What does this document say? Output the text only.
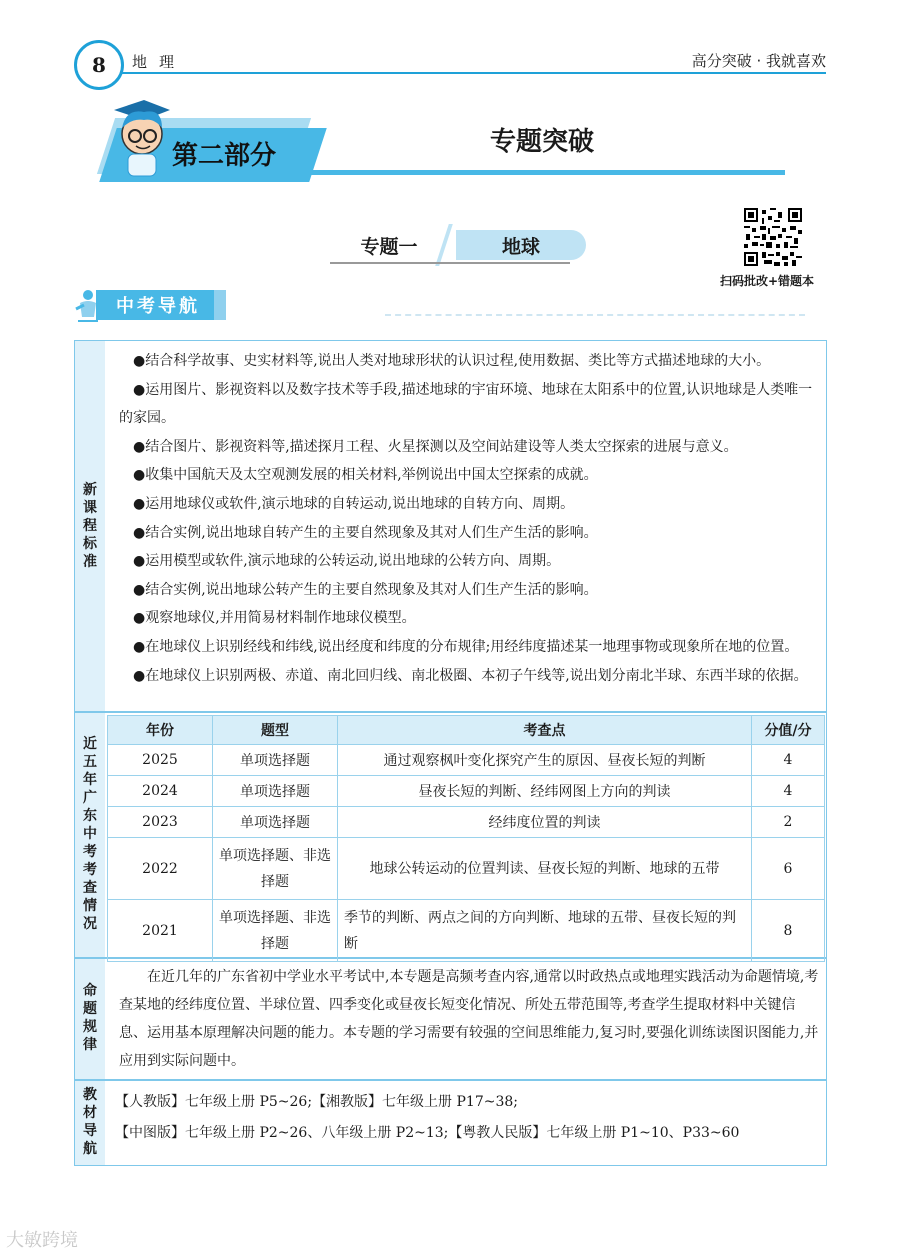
8	地理	高分突破 · 我就喜欢
第二部分	专题突破
专题一	地球
扫码批改+错题本
中考导航
新
课
程
标
准
近
五
年
广
东
中
考
考
查
情
况
命
题
规
律
教
材
导
航

●结合科学故事、史实材料等,说出人类对地球形状的认识过程,使用数据、类比等方式描述地球的大小。

●运用图片、影视资料以及数字技术等手段,描述地球的宇宙环境、地球在太阳系中的位置,认识地球是人类唯一的家园。

●结合图片、影视资料等,描述探月工程、火星探测以及空间站建设等人类太空探索的进展与意义。

●收集中国航天及太空观测发展的相关材料,举例说出中国太空探索的成就。

●运用地球仪或软件,演示地球的自转运动,说出地球的自转方向、周期。

●结合实例,说出地球自转产生的主要自然现象及其对人们生产生活的影响。

●运用模型或软件,演示地球的公转运动,说出地球的公转方向、周期。

●结合实例,说出地球公转产生的主要自然现象及其对人们生产生活的影响。

●观察地球仪,并用简易材料制作地球仪模型。

●在地球仪上识别经线和纬线,说出经度和纬度的分布规律;用经纬度描述某一地理事物或现象所在地的位置。

●在地球仪上识别两极、赤道、南北回归线、南北极圈、本初子午线等,说出划分南北半球、东西半球的依据。

年份	题型	考查点	分值/分
2025	单项选择题	通过观察枫叶变化探究产生的原因、昼夜长短的判断	4
2024	单项选择题	昼夜长短的判断、经纬网图上方向的判读	4
2023	单项选择题	经纬度位置的判读	2
2022	单项选择题、非选择题	地球公转运动的位置判读、昼夜长短的判断、地球的五带	6
2021	单项选择题、非选择题	季节的判断、两点之间的方向判断、地球的五带、昼夜长短的判断	8
在近几年的广东省初中学业水平考试中,本专题是高频考查内容,通常以时政热点或地理实践活动为命题情境,考查某地的经纬度位置、半球位置、四季变化或昼夜长短变化情况、所处五带范围等,考查学生提取材料中关键信息、运用基本原理解决问题的能力。本专题的学习需要有较强的空间思维能力,复习时,要强化训练读图识图能力,并应用到实际问题中。

【人教版】七年级上册 P5~26;【湘教版】七年级上册 P17~38;

【中图版】七年级上册 P2~26、八年级上册 P2~13;【粤教人民版】七年级上册 P1~10、P33~60

大敏跨境
